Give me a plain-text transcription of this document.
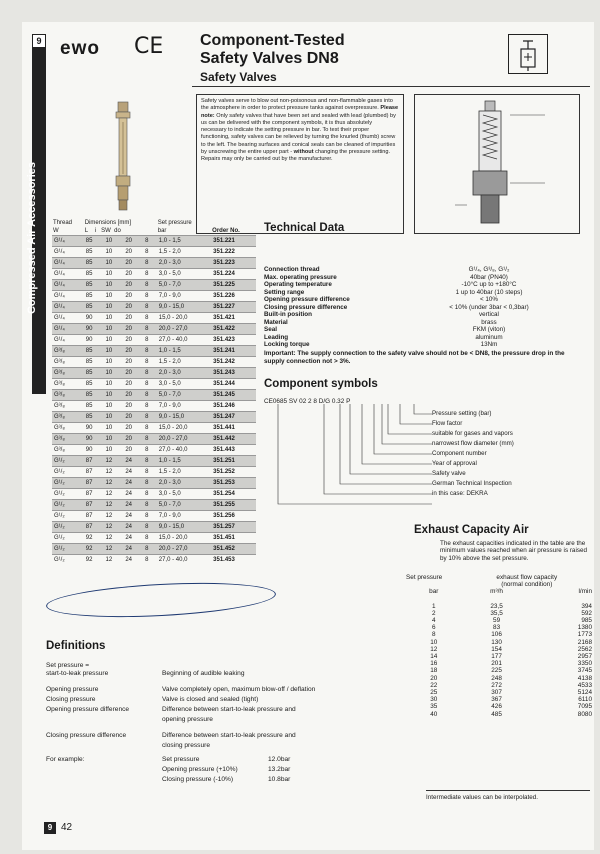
9
Compressed Air Accessories
ewo CE Component-Tested
Safety Valves DN8
Safety Valves
Safety valves serve to blow out non-poisonous and non-flammable gases into the atmosphere in order to protect pressure tanks against overpressure. Please note: Only safety valves that have been set and sealed with lead (plumbed) by us can be delivered with the component symbols, it is thus absolutely necessary to indicate the setting pressure in bar. To test their proper functioning, safety valves can be relieved by turning the knurled (thumb) screw to the left. The bearing surfaces and conical seals can be cleaned of impurities by unscrewing the entire upper part - without changing the pressure setting. Repairs may only be carried out by the manufacturer.
Thread
W	Dimensions [mm]
L i SW do				Set pressure
bar	Order No.
G¹/₄	85	10	20	8	1,0 - 1,5	351.221
G¹/₄	85	10	20	8	1,5 - 2,0	351.222
G¹/₄	85	10	20	8	2,0 - 3,0	351.223
G¹/₄	85	10	20	8	3,0 - 5,0	351.224
G¹/₄	85	10	20	8	5,0 - 7,0	351.225
G¹/₄	85	10	20	8	7,0 - 9,0	351.226
G¹/₄	85	10	20	8	9,0 - 15,0	351.227
G¹/₄	90	10	20	8	15,0 - 20,0	351.421
G¹/₄	90	10	20	8	20,0 - 27,0	351.422
G¹/₄	90	10	20	8	27,0 - 40,0	351.423
G³/₈	85	10	20	8	1,0 - 1,5	351.241
G³/₈	85	10	20	8	1,5 - 2,0	351.242
G³/₈	85	10	20	8	2,0 - 3,0	351.243
G³/₈	85	10	20	8	3,0 - 5,0	351.244
G³/₈	85	10	20	8	5,0 - 7,0	351.245
G³/₈	85	10	20	8	7,0 - 9,0	351.246
G³/₈	85	10	20	8	9,0 - 15,0	351.247
G³/₈	90	10	20	8	15,0 - 20,0	351.441
G³/₈	90	10	20	8	20,0 - 27,0	351.442
G³/₈	90	10	20	8	27,0 - 40,0	351.443
G¹/₂	87	12	24	8	1,0 - 1,5	351.251
G¹/₂	87	12	24	8	1,5 - 2,0	351.252
G¹/₂	87	12	24	8	2,0 - 3,0	351.253
G¹/₂	87	12	24	8	3,0 - 5,0	351.254
G¹/₂	87	12	24	8	5,0 - 7,0	351.255
G¹/₂	87	12	24	8	7,0 - 9,0	351.256
G¹/₂	87	12	24	8	9,0 - 15,0	351.257
G¹/₂	92	12	24	8	15,0 - 20,0	351.451
G¹/₂	92	12	24	8	20,0 - 27,0	351.452
G¹/₂	92	12	24	8	27,0 - 40,0	351.453
Technical Data
Connection thread	G¹/₄, G³/₈, G¹/₂
Max. operating pressure	40bar (PN40)
Operating temperature	-10°C up to +180°C
Setting range	1 up to 40bar (10 steps)
Opening pressure difference	< 10%
Closing pressure difference	< 10% (under 3bar < 0,3bar)
Built-in position	vertical
Material	brass
Seal	FKM (viton)
Leading	aluminum
Locking torque	13Nm
Important: The supply connection to the safety valve should not be < DN8, the pressure drop in the supply connection not > 3%.
Component symbols
CE0685 SV 02 2 8 D/G 0.32 P
Pressure setting (bar)
Flow factor
suitable for gases and vapors
narrowest flow diameter (mm)
Component number
Year of approval
Safety valve
German Technical Inspection
in this case: DEKRA
Exhaust Capacity Air
The exhaust capacities indicated in the table are the minimum values reached when air pressure is raised by 10% above the set pressure.
Set pressure	exhaust flow capacity	
	(normal condition)	
bar	m³/h	l/min

1	23,5	394
2	35,5	592
4	59	985
6	83	1380
8	106	1773
10	130	2168
12	154	2562
14	177	2957
16	201	3350
18	225	3745
20	248	4138
22	272	4533
25	307	5124
30	367	6110
35	426	7095
40	485	8080
Intermediate values can be interpolated.
Definitions
Set pressure =
start-to-leak pressure	Beginning of audible leaking
Opening pressure	Valve completely open, maximum blow-off / deflation
Closing pressure	Valve is closed and sealed (tight)
Opening pressure difference	Difference between start-to-leak pressure and
opening pressure
Closing pressure difference	Difference between start-to-leak pressure and
closing pressure
For example:	Set pressure	12.0bar
Opening pressure (+10%)	13.2bar
Closing pressure (-10%)	10.8bar
9 42
